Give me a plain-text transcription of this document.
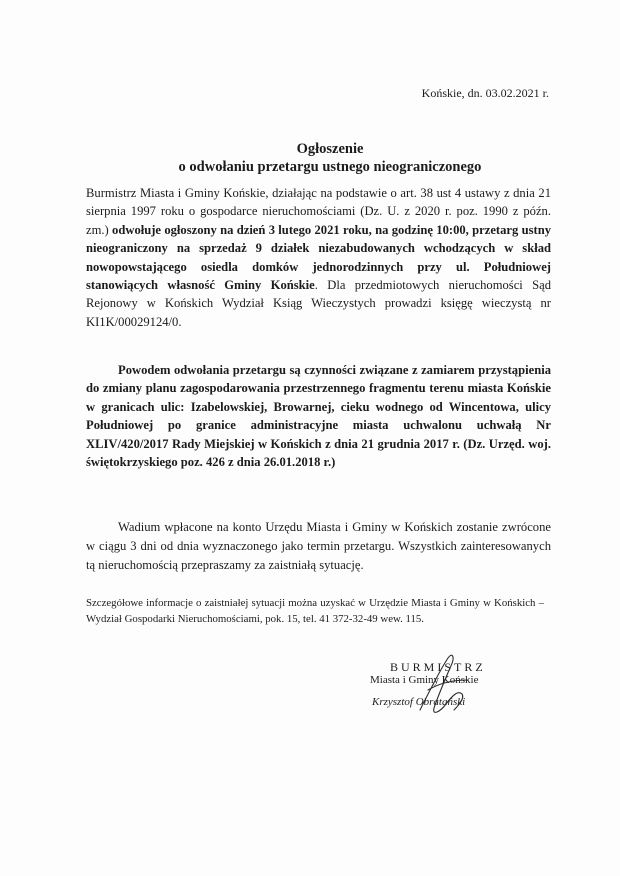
Końskie, dn. 03.02.2021 r.
Ogłoszenie
o odwołaniu przetargu ustnego nieograniczonego
Burmistrz Miasta i Gminy Końskie, działając na podstawie o art. 38 ust 4 ustawy z dnia 21 sierpnia 1997 roku o gospodarce nieruchomościami (Dz. U. z 2020 r. poz. 1990 z późn. zm.) odwołuje ogłoszony na dzień 3 lutego 2021 roku, na godzinę 10:00, przetarg ustny nieograniczony na sprzedaż 9 działek niezabudowanych wchodzących w skład nowopowstającego osiedla domków jednorodzinnych przy ul. Południowej stanowiących własność Gminy Końskie. Dla przedmiotowych nieruchomości Sąd Rejonowy w Końskich Wydział Ksiąg Wieczystych prowadzi księgę wieczystą nr KI1K/00029124/0.
Powodem odwołania przetargu są czynności związane z zamiarem przystąpienia do zmiany planu zagospodarowania przestrzennego fragmentu terenu miasta Końskie w granicach ulic: Izabelowskiej, Browarnej, cieku wodnego od Wincentowa, ulicy Południowej po granice administracyjne miasta uchwalonu uchwałą Nr XLIV/420/2017 Rady Miejskiej w Końskich z dnia 21 grudnia 2017 r. (Dz. Urzęd. woj. świętokrzyskiego poz. 426 z dnia 26.01.2018 r.)
Wadium wpłacone na konto Urzędu Miasta i Gminy w Końskich zostanie zwrócone w ciągu 3 dni od dnia wyznaczonego jako termin przetargu. Wszystkich zainteresowanych tą nieruchomością przepraszamy za zaistniałą sytuację.
Szczegółowe informacje o zaistniałej sytuacji można uzyskać w Urzędzie Miasta i Gminy w Końskich – Wydział Gospodarki Nieruchomościami, pok. 15, tel. 41 372-32-49 wew. 115.
BURMISTRZ
Miasta i Gminy Końskie
Krzysztof Obratański
